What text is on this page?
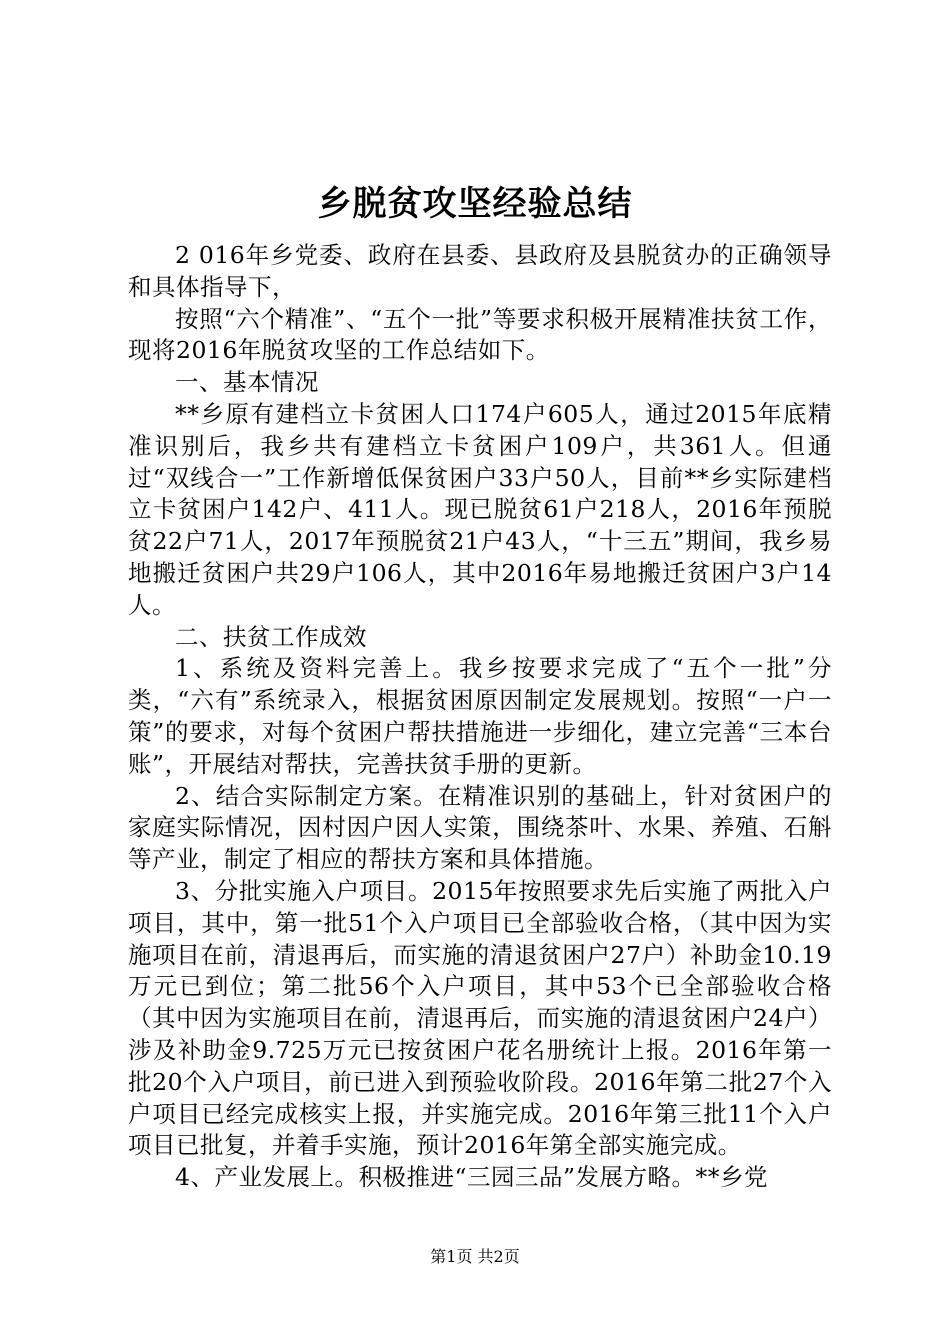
乡脱贫攻坚经验总结

2 016年乡党委、政府在县委、县政府及县脱贫办的正确领导和具体指导下，

按照“六个精准”、“五个一批”等要求积极开展精准扶贫工作，现将2016年脱贫攻坚的工作总结如下。

一、基本情况

**乡原有建档立卡贫困人口174户605人，通过2015年底精准识别后，我乡共有建档立卡贫困户109户，共361人。但通过“双线合一”工作新增低保贫困户33户50人，目前**乡实际建档立卡贫困户142户、411人。现已脱贫61户218人，2016年预脱贫22户71人，2017年预脱贫21户43人，“十三五”期间，我乡易地搬迁贫困户共29户106人，其中2016年易地搬迁贫困户3户14人。

二、扶贫工作成效

1、系统及资料完善上。我乡按要求完成了“五个一批”分类，“六有”系统录入，根据贫困原因制定发展规划。按照“一户一策”的要求，对每个贫困户帮扶措施进一步细化，建立完善“三本台账”，开展结对帮扶，完善扶贫手册的更新。

2、结合实际制定方案。在精准识别的基础上，针对贫困户的家庭实际情况，因村因户因人实策，围绕茶叶、水果、养殖、石斛等产业，制定了相应的帮扶方案和具体措施。

3、分批实施入户项目。2015年按照要求先后实施了两批入户项目，其中，第一批51个入户项目已全部验收合格，（其中因为实施项目在前，清退再后，而实施的清退贫困户27户）补助金10.19万元已到位；第二批56个入户项目，其中53个已全部验收合格（其中因为实施项目在前，清退再后，而实施的清退贫困户24户）涉及补助金9.725万元已按贫困户花名册统计上报。2016年第一批20个入户项目，前已进入到预验收阶段。2016年第二批27个入户项目已经完成核实上报，并实施完成。2016年第三批11个入户项目已批复，并着手实施，预计2016年第全部实施完成。

4、产业发展上。积极推进“三园三品”发展方略。**乡党

第1页 共2页
